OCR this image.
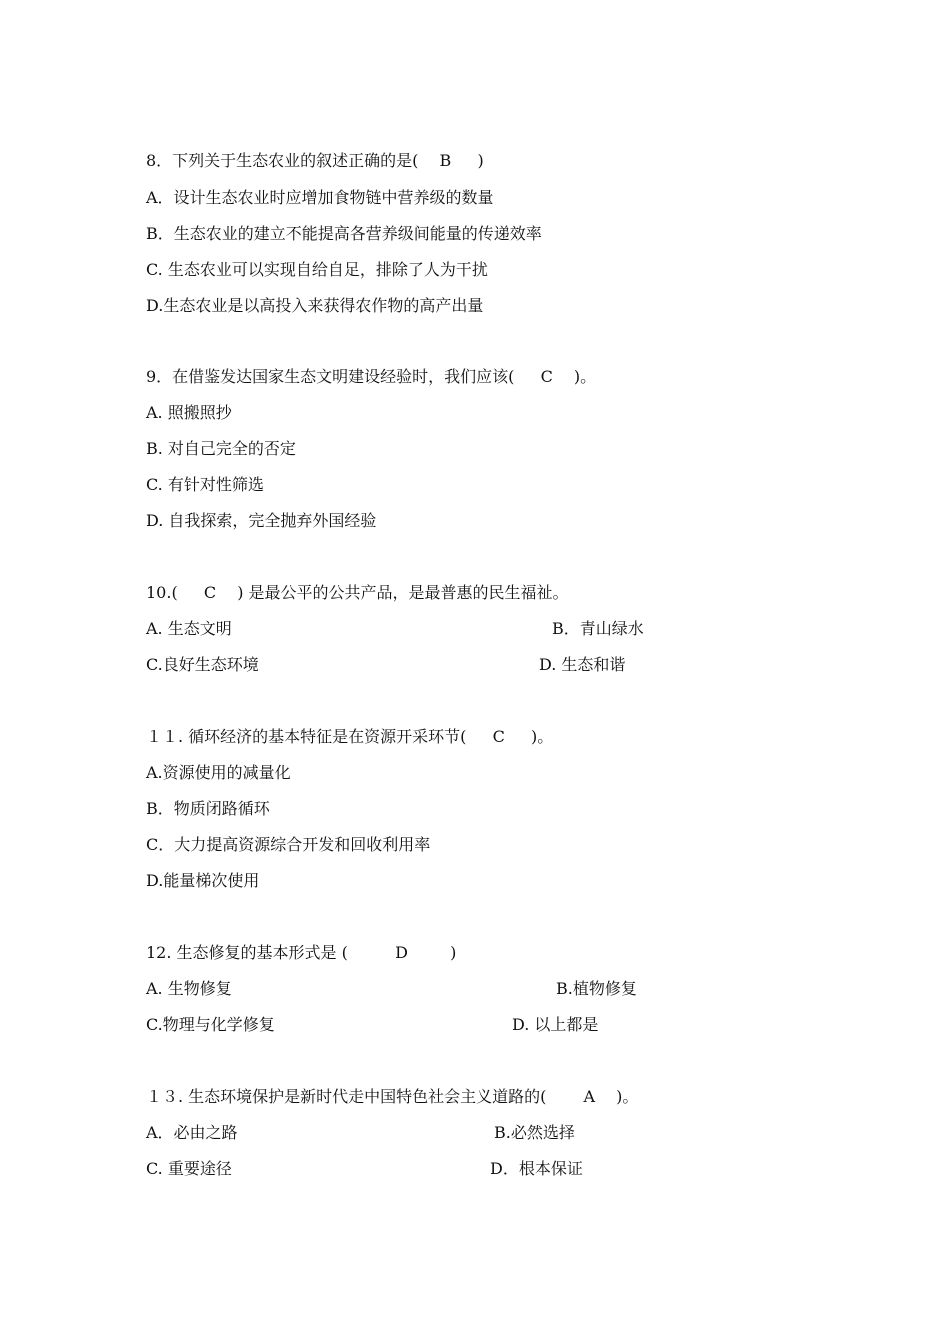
8．下列关于生态农业的叙述正确的是(　 B 　 )
A．设计生态农业时应增加食物链中营养级的数量
B．生态农业的建立不能提高各营养级间能量的传递效率
C. 生态农业可以实现自给自足，排除了人为干扰
D.生态农业是以高投入来获得农作物的高产出量
9．在借鉴发达国家生态文明建设经验时，我们应该(　  C 　)。
A. 照搬照抄
B. 对自己完全的否定
C. 有针对性筛选
D. 自我探索，完全抛弃外国经验
10.(　  C 　) 是最公平的公共产品，是最普惠的民生福祉。
A. 生态文明	B．青山绿水
C.良好生态环境	D. 生态和谐
１１. 循环经济的基本特征是在资源开采环节(　  C 　 )。
A.资源使用的减量化
B．物质闭路循环
C．大力提高资源综合开发和回收利用率
D.能量梯次使用
12. 生态修复的基本形式是 (　　   D 　　 )
A. 生物修复	B.植物修复
C.物理与化学修复	D. 以上都是
１３. 生态环境保护是新时代走中国特色社会主义道路的(　　 A 　)。
A．必由之路	B.必然选择
C. 重要途径	D．根本保证
